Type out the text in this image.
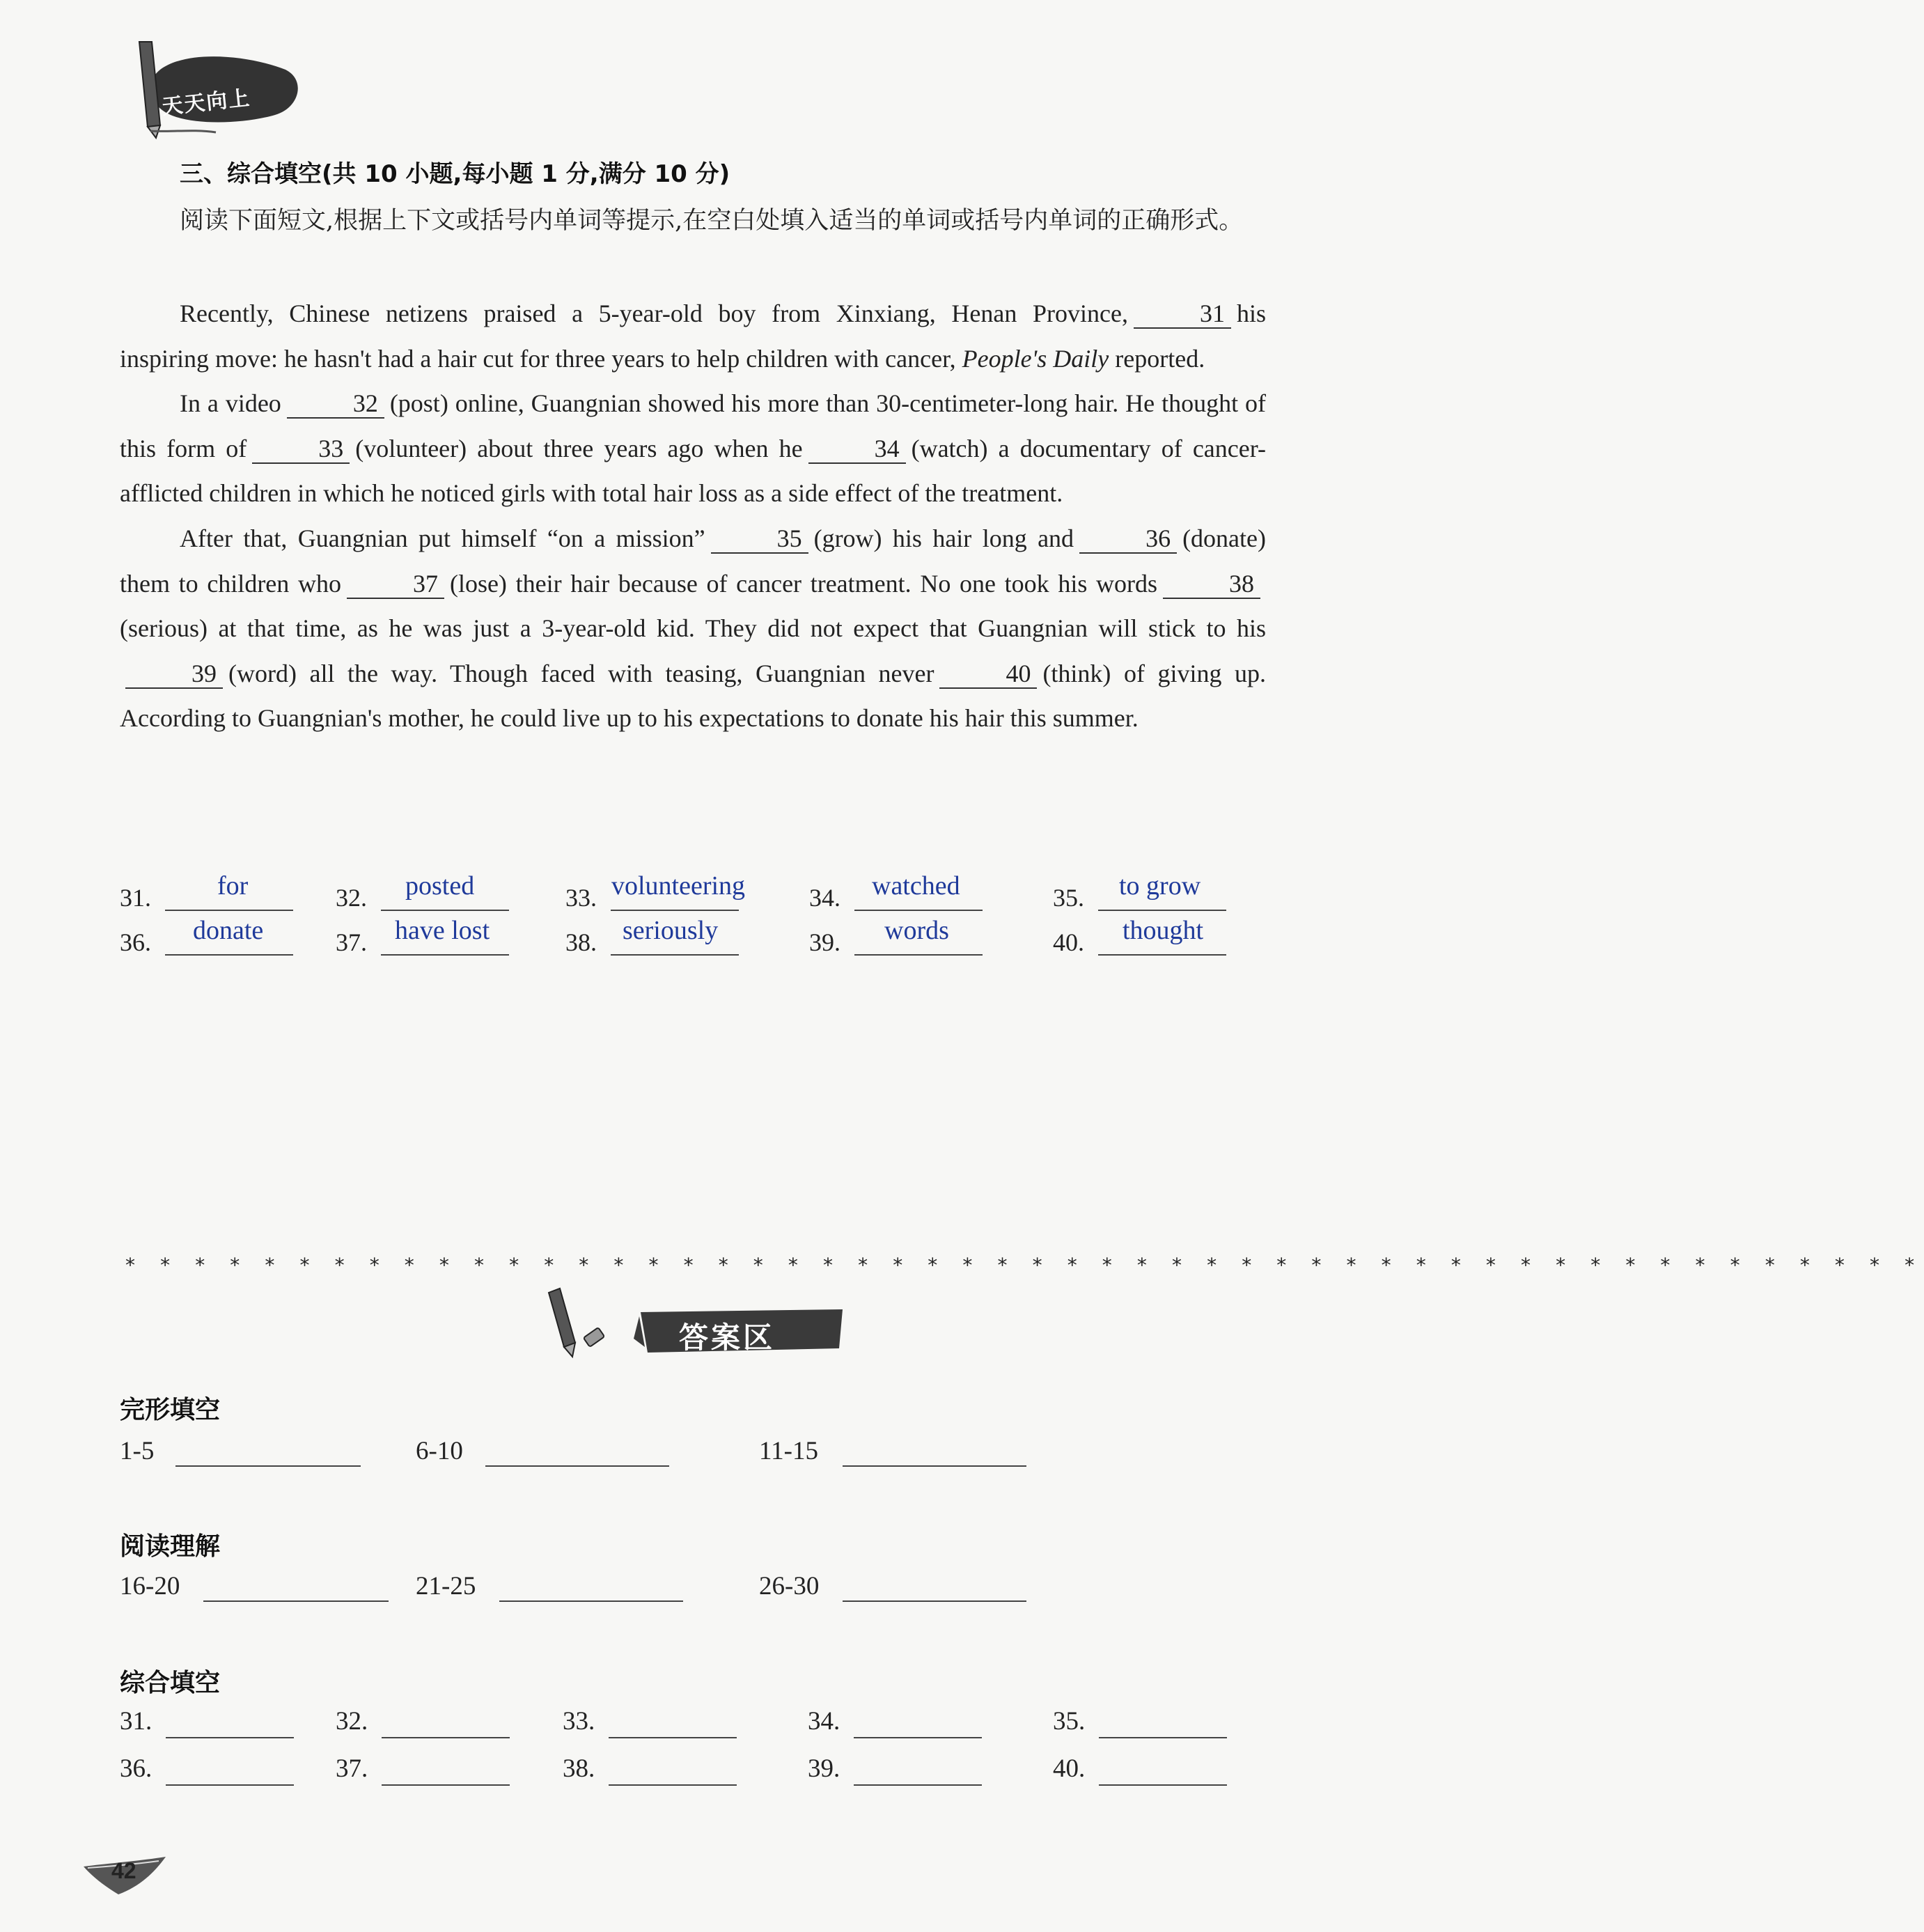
天天向上
三、综合填空(共 10 小题,每小题 1 分,满分 10 分)
阅读下面短文,根据上下文或括号内单词等提示,在空白处填入适当的单词或括号内单词的正确形式。

Recently, Chinese netizens praised a 5-year-old boy from Xinxiang, Henan Province,	31 his inspiring move: he hasn't had a hair cut for three years to help children with cancer, People's Daily reported.

In a video	32 (post) online, Guangnian showed his more than 30-centimeter-long hair. He thought of this form of	33 (volunteer) about three years ago when he	34 (watch) a documentary of cancer-afflicted children in which he noticed girls with total hair loss as a side effect of the treatment.

After that, Guangnian put himself “on a mission”	35 (grow) his hair long and	36 (donate) them to children who	37 (lose) their hair because of cancer treatment. No one took his words	38(serious) at that time, as he was just a 3-year-old kid. They did not expect that Guangnian will stick to his39 (word) all the way. Though faced with teasing, Guangnian never	40 (think) of giving up. According to Guangnian's mother, he could live up to his expectations to donate his hair this summer.

31.	for	32. posted	33. volunteering	34. watched	35. to grow
36. donate	37. have lost	38. seriously	39. words	40. thought
* * * * * * * * * * * * * * * * * * * * * * * * * * * * * * * * * * * * * * * * * * * * * * * * * * * *
答案区
完形填空
1-5	6-10	11-15
阅读理解
16-20	21-25	26-30
综合填空
31.	32.	33.	34.	35.
36.	37.	38.	39.	40.
42
